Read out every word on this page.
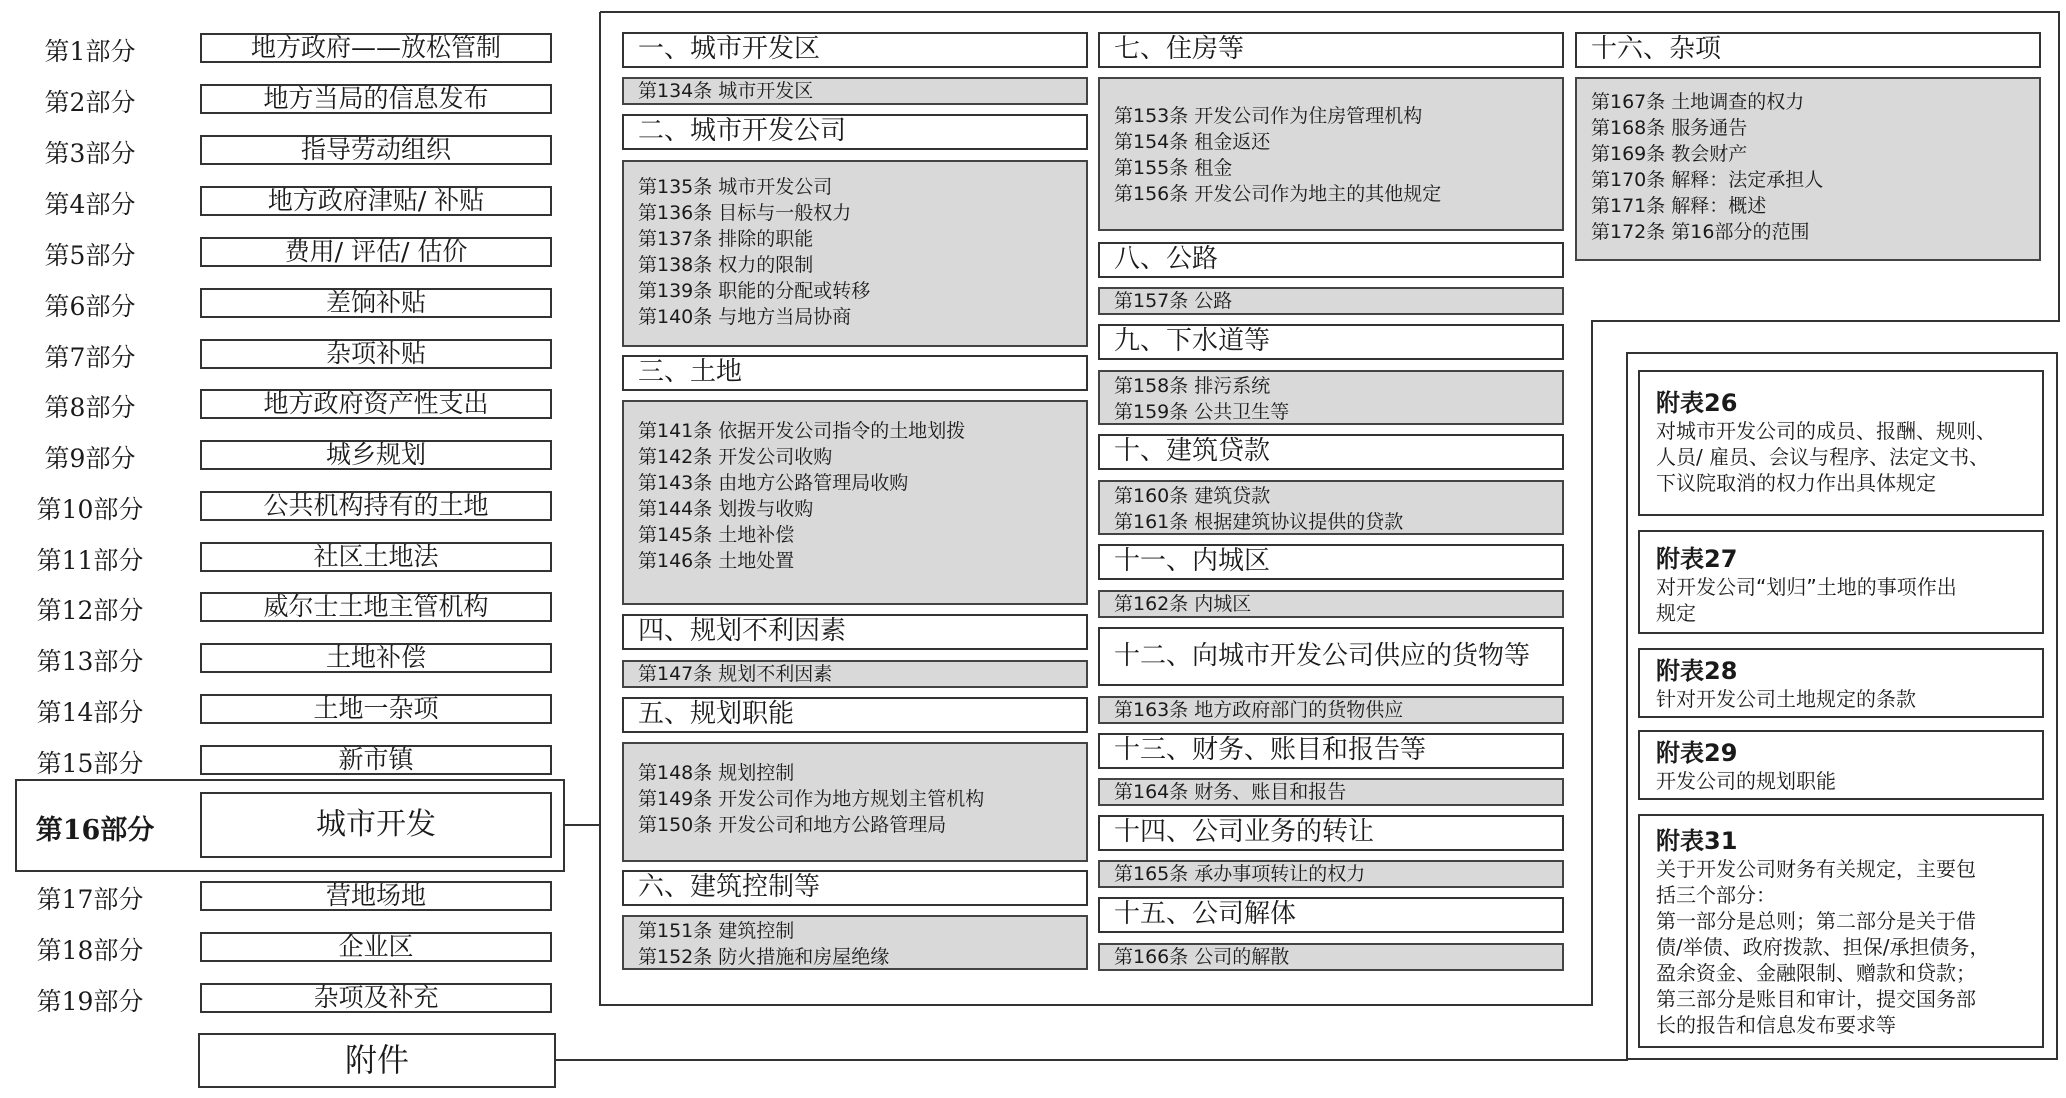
第1部分	地方政府——放松管制
第2部分	地方当局的信息发布
第3部分	指导劳动组织
第4部分	地方政府津贴/ 补贴
第5部分	费用/ 评估/ 估价
第6部分	差饷补贴
第7部分	杂项补贴
第8部分	地方政府资产性支出
第9部分	城乡规划
第10部分	公共机构持有的土地
第11部分	社区土地法
第12部分	威尔士土地主管机构
第13部分	土地补偿
第14部分	土地一杂项
第15部分	新市镇
第16部分	城市开发
第17部分	营地场地
第18部分	企业区
第19部分	杂项及补充
附件
一、城市开发区
第134条 城市开发区
二、城市开发公司
第135条 城市开发公司
第136条 目标与一般权力
第137条 排除的职能
第138条 权力的限制
第139条 职能的分配或转移
第140条 与地方当局协商
三、土地
第141条 依据开发公司指令的土地划拨
第142条 开发公司收购
第143条 由地方公路管理局收购
第144条 划拨与收购
第145条 土地补偿
第146条 土地处置
四、规划不利因素
第147条 规划不利因素
五、规划职能
第148条 规划控制
第149条 开发公司作为地方规划主管机构
第150条 开发公司和地方公路管理局
六、建筑控制等
第151条 建筑控制
第152条 防火措施和房屋绝缘
七、住房等
第153条 开发公司作为住房管理机构
第154条 租金返还
第155条 租金
第156条 开发公司作为地主的其他规定
八、公路
第157条 公路
九、下水道等
第158条 排污系统
第159条 公共卫生等
十、建筑贷款
第160条 建筑贷款
第161条 根据建筑协议提供的贷款
十一、内城区
第162条 内城区
十二、向城市开发公司供应的货物等
第163条 地方政府部门的货物供应
十三、财务、账目和报告等
第164条 财务、账目和报告
十四、公司业务的转让
第165条 承办事项转让的权力
十五、公司解体
第166条 公司的解散
十六、杂项
第167条 土地调查的权力
第168条 服务通告
第169条 教会财产
第170条 解释：法定承担人
第171条 解释：概述
第172条 第16部分的范围
附表26
对城市开发公司的成员、报酬、规则、
人员/ 雇员、会议与程序、法定文书、
下议院取消的权力作出具体规定
附表27
对开发公司“划归”土地的事项作出
规定
附表28
针对开发公司土地规定的条款
附表29
开发公司的规划职能
附表31
关于开发公司财务有关规定，主要包
括三个部分：
第一部分是总则；第二部分是关于借
债/举债、政府拨款、担保/承担债务，
盈余资金、金融限制、赠款和贷款；
第三部分是账目和审计，提交国务部
长的报告和信息发布要求等
